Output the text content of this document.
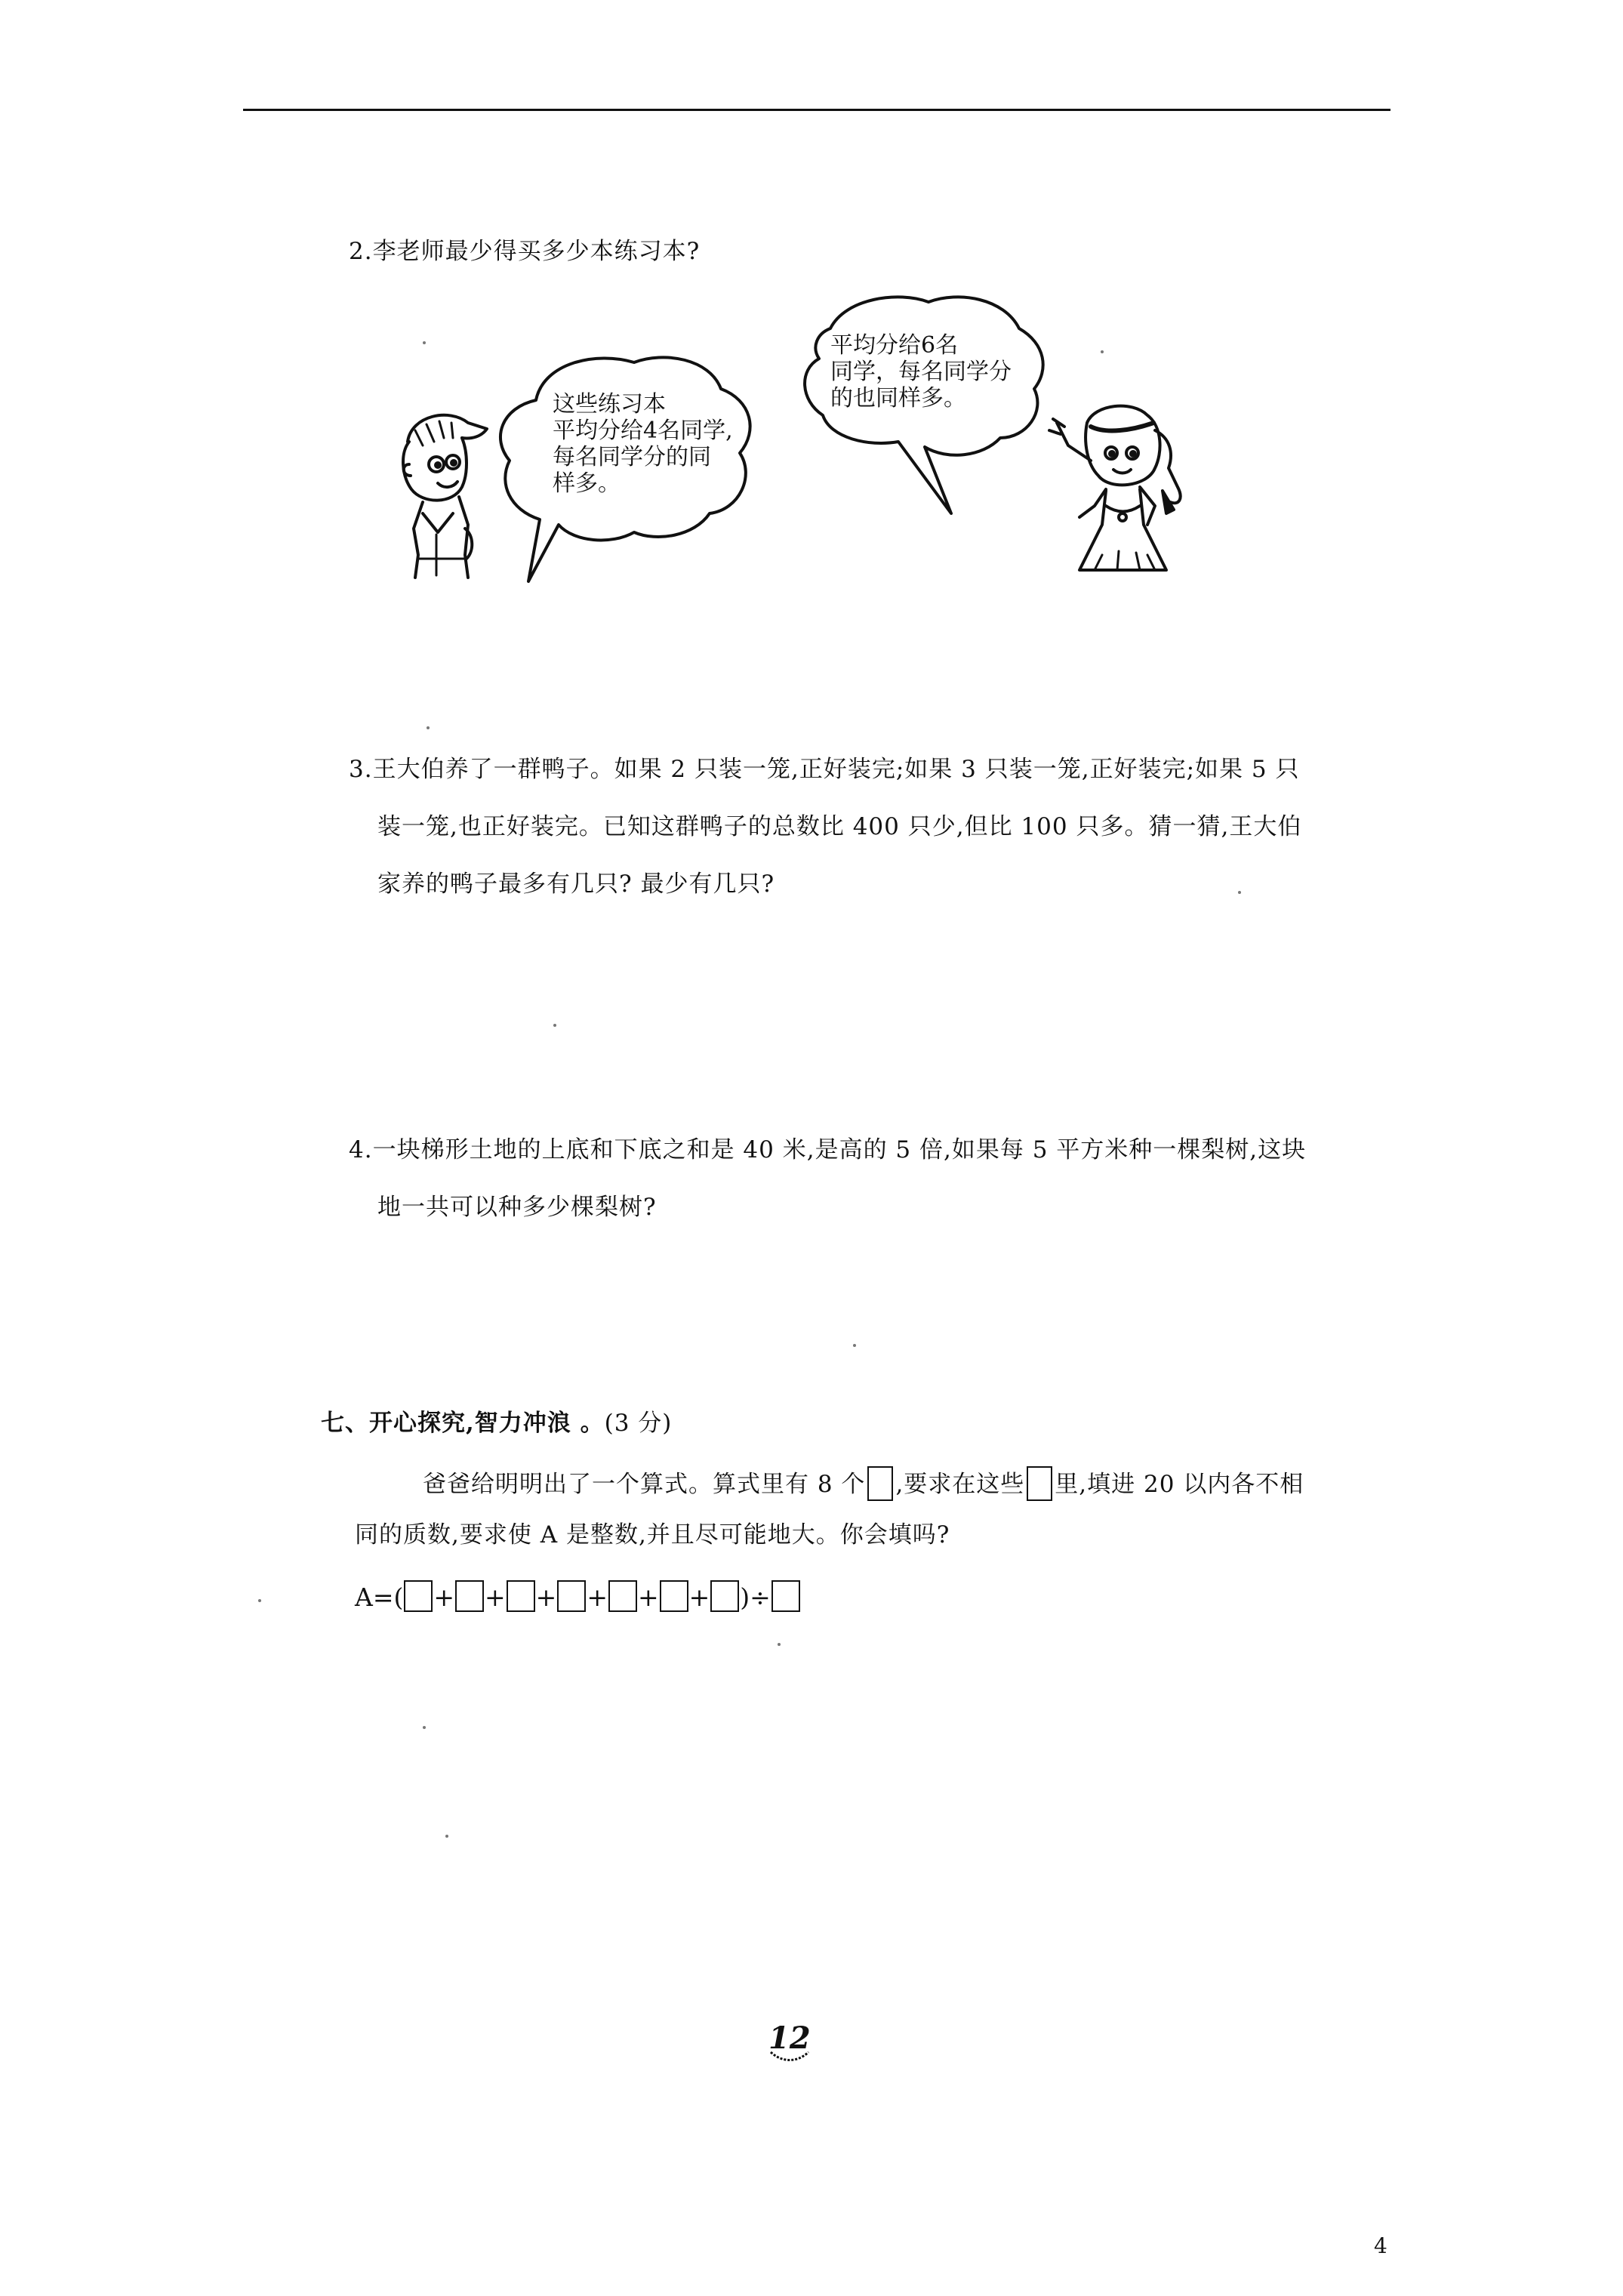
2.李老师最少得买多少本练习本?
这些练习本
平均分给4名同学,
每名同学分的同
样多。
平均分给6名
同学，每名同学分
的也同样多。
3.王大伯养了一群鸭子。如果 2 只装一笼,正好装完;如果 3 只装一笼,正好装完;如果 5 只
装一笼,也正好装完。已知这群鸭子的总数比 400 只少,但比 100 只多。猜一猜,王大伯
家养的鸭子最多有几只? 最少有几只?
4.一块梯形土地的上底和下底之和是 40 米,是高的 5 倍,如果每 5 平方米种一棵梨树,这块
地一共可以种多少棵梨树?
七、开心探究,智力冲浪 。(3 分)
爸爸给明明出了一个算式。算式里有 8 个 ,要求在这些 里,填进 20 以内各不相
同的质数,要求使 A 是整数,并且尽可能地大。你会填吗?
A=( + + + + + + )÷
12
4
